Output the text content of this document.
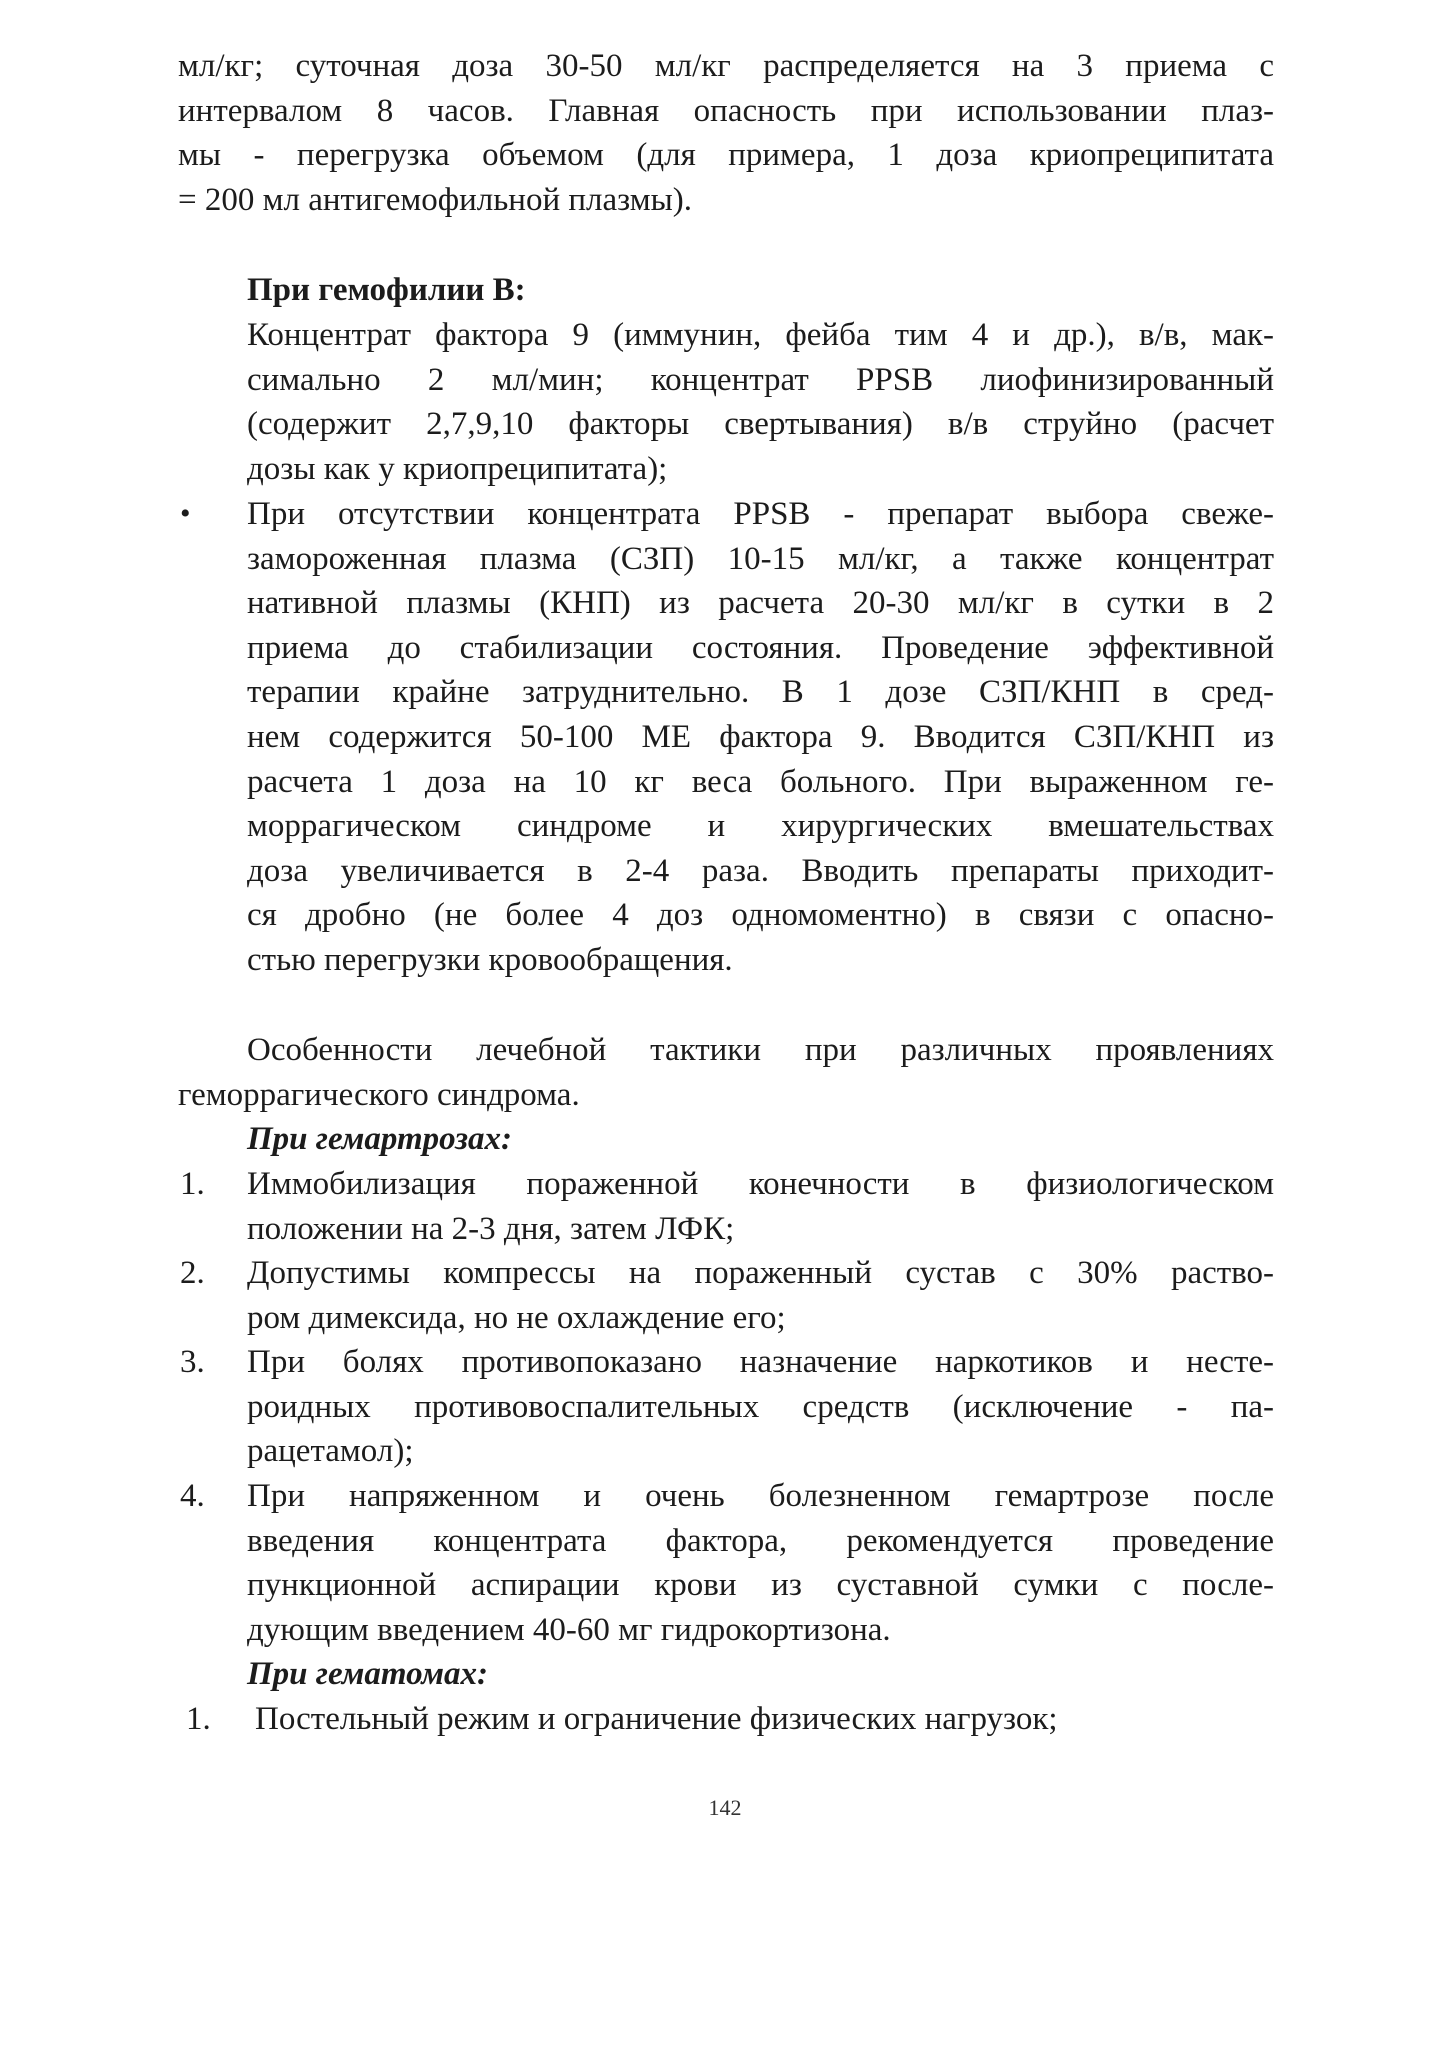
мл/кг; суточная доза 30-50 мл/кг распределяется на 3 приема с
интервалом 8 часов. Главная опасность при использовании плаз-
мы - перегрузка объемом (для примера, 1 доза криопреципитата
= 200 мл антигемофильной плазмы).
При гемофилии В:
Концентрат фактора 9 (иммунин, фейба тим 4 и др.), в/в, мак-
симально 2 мл/мин; концентрат PPSB лиофинизированный
(содержит 2,7,9,10 факторы свертывания) в/в струйно (расчет
дозы как у криопреципитата);
• При отсутствии концентрата PPSB - препарат выбора свеже-
замороженная плазма (СЗП) 10-15 мл/кг, а также концентрат
нативной плазмы (КНП) из расчета 20-30 мл/кг в сутки в 2
приема до стабилизации состояния. Проведение эффективной
терапии крайне затруднительно. В 1 дозе СЗП/КНП в сред-
нем содержится 50-100 МЕ фактора 9. Вводится СЗП/КНП из
расчета 1 доза на 10 кг веса больного. При выраженном ге-
моррагическом синдроме и хирургических вмешательствах
доза увеличивается в 2-4 раза. Вводить препараты приходит-
ся дробно (не более 4 доз одномоментно) в связи с опасно-
стью перегрузки кровообращения.
Особенности лечебной тактики при различных проявлениях
геморрагического синдрома.
При гемартрозах:
1. Иммобилизация пораженной конечности в физиологическом
положении на 2-3 дня, затем ЛФК;
2. Допустимы компрессы на пораженный сустав с 30% раство-
ром димексида, но не охлаждение его;
3. При болях противопоказано назначение наркотиков и несте-
роидных противовоспалительных средств (исключение - па-
рацетамол);
4. При напряженном и очень болезненном гемартрозе после
введения концентрата фактора, рекомендуется проведение
пункционной аспирации крови из суставной сумки с после-
дующим введением 40-60 мг гидрокортизона.
При гематомах:
1. Постельный режим и ограничение физических нагрузок;
142
